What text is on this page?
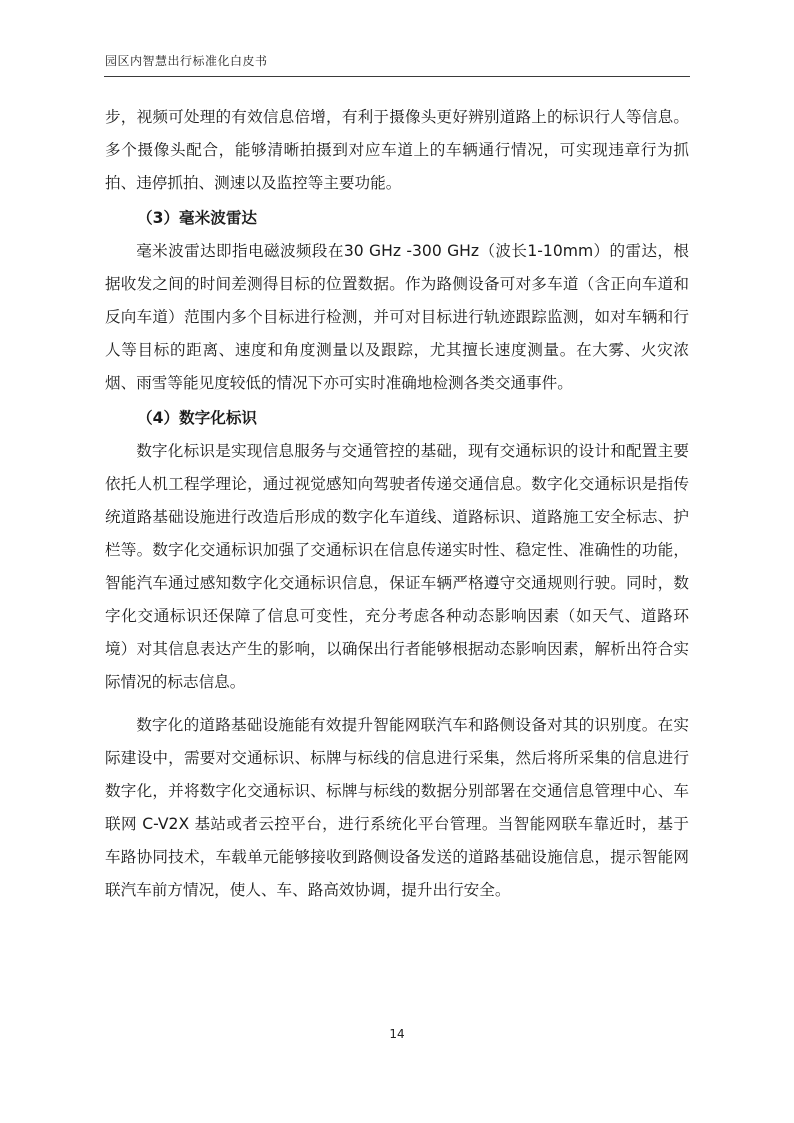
园区内智慧出行标准化白皮书

步，视频可处理的有效信息倍增，有利于摄像头更好辨别道路上的标识行人等信息。多个摄像头配合，能够清晰拍摄到对应车道上的车辆通行情况，可实现违章行为抓拍、违停抓拍、测速以及监控等主要功能。

（3）毫米波雷达

毫米波雷达即指电磁波频段在30 GHz -300 GHz（波长1-10mm）的雷达，根据收发之间的时间差测得目标的位置数据。作为路侧设备可对多车道（含正向车道和反向车道）范围内多个目标进行检测，并可对目标进行轨迹跟踪监测，如对车辆和行人等目标的距离、速度和角度测量以及跟踪，尤其擅长速度测量。在大雾、火灾浓烟、雨雪等能见度较低的情况下亦可实时准确地检测各类交通事件。

（4）数字化标识

数字化标识是实现信息服务与交通管控的基础，现有交通标识的设计和配置主要依托人机工程学理论，通过视觉感知向驾驶者传递交通信息。数字化交通标识是指传统道路基础设施进行改造后形成的数字化车道线、道路标识、道路施工安全标志、护栏等。数字化交通标识加强了交通标识在信息传递实时性、稳定性、准确性的功能，智能汽车通过感知数字化交通标识信息，保证车辆严格遵守交通规则行驶。同时，数字化交通标识还保障了信息可变性，充分考虑各种动态影响因素（如天气、道路环境）对其信息表达产生的影响，以确保出行者能够根据动态影响因素，解析出符合实际情况的标志信息。

数字化的道路基础设施能有效提升智能网联汽车和路侧设备对其的识别度。在实际建设中，需要对交通标识、标牌与标线的信息进行采集，然后将所采集的信息进行数字化，并将数字化交通标识、标牌与标线的数据分别部署在交通信息管理中心、车联网 C-V2X 基站或者云控平台，进行系统化平台管理。当智能网联车靠近时，基于车路协同技术，车载单元能够接收到路侧设备发送的道路基础设施信息，提示智能网联汽车前方情况，使人、车、路高效协调，提升出行安全。

14
